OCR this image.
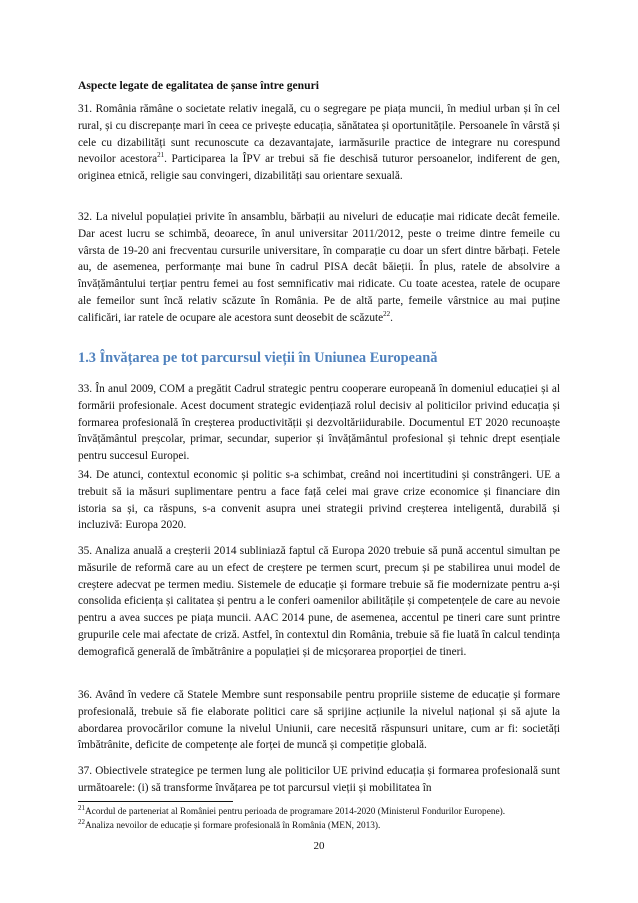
Aspecte legate de egalitatea de șanse între genuri

31. România rămâne o societate relativ inegală, cu o segregare pe piața muncii, în mediul urban și în cel rural, și cu discrepanțe mari în ceea ce privește educația, sănătatea și oportunitățile. Persoanele în vârstă și cele cu dizabilități sunt recunoscute ca dezavantajate, iarmăsurile practice de integrare nu corespund nevoilor acestora$^{21}$. Participarea la ÎPV ar trebui să fie deschisă tuturor persoanelor, indiferent de gen, originea etnică, religie sau convingeri, dizabilități sau orientare sexuală.

32. La nivelul populației privite în ansamblu, bărbații au niveluri de educație mai ridicate decât femeile. Dar acest lucru se schimbă, deoarece, în anul universitar 2011/2012, peste o treime dintre femeile cu vârsta de 19-20 ani frecventau cursurile universitare, în comparație cu doar un sfert dintre bărbați. Fetele au, de asemenea, performanțe mai bune în cadrul PISA decât băieții. În plus, ratele de absolvire a învățământului terțiar pentru femei au fost semnificativ mai ridicate. Cu toate acestea, ratele de ocupare ale femeilor sunt încă relativ scăzute în România. Pe de altă parte, femeile vârstnice au mai puține calificări, iar ratele de ocupare ale acestora sunt deosebit de scăzute$^{22}$.

1.3 Învățarea pe tot parcursul vieții în Uniunea Europeană

33. În anul 2009, COM a pregătit Cadrul strategic pentru cooperare europeană în domeniul educației și al formării profesionale. Acest document strategic evidențiază rolul decisiv al politicilor privind educația și formarea profesională în creșterea productivității și dezvoltăriidurabile. Documentul ET 2020 recunoaște învățământul preșcolar, primar, secundar, superior și învățământul profesional și tehnic drept esențiale pentru succesul Europei.

34. De atunci, contextul economic și politic s-a schimbat, creând noi incertitudini și constrângeri. UE a trebuit să ia măsuri suplimentare pentru a face față celei mai grave crize economice și financiare din istoria sa și, ca răspuns, s-a convenit asupra unei strategii privind creșterea inteligentă, durabilă și incluzivă: Europa 2020.

35. Analiza anuală a creșterii 2014 subliniază faptul că Europa 2020 trebuie să pună accentul simultan pe măsurile de reformă care au un efect de creștere pe termen scurt, precum și pe stabilirea unui model de creștere adecvat pe termen mediu. Sistemele de educație și formare trebuie să fie modernizate pentru a-și consolida eficiența și calitatea și pentru a le conferi oamenilor abilitățile și competențele de care au nevoie pentru a avea succes pe piața muncii. AAC 2014 pune, de asemenea, accentul pe tineri care sunt printre grupurile cele mai afectate de criză. Astfel, în contextul din România, trebuie să fie luată în calcul tendința demografică generală de îmbătrânire a populației și de micșorarea proporției de tineri.

36. Având în vedere că Statele Membre sunt responsabile pentru propriile sisteme de educație și formare profesională, trebuie să fie elaborate politici care să sprijine acțiunile la nivelul național și să ajute la abordarea provocărilor comune la nivelul Uniunii, care necesită răspunsuri unitare, cum ar fi: societăți îmbătrânite, deficite de competențe ale forței de muncă și competiție globală.

37. Obiectivele strategice pe termen lung ale politicilor UE privind educația și formarea profesională sunt următoarele: (i) să transforme învățarea pe tot parcursul vieții și mobilitatea în

$^{21}$Acordul de parteneriat al României pentru perioada de programare 2014-2020 (Ministerul Fondurilor Europene).

$^{22}$Analiza nevoilor de educație și formare profesională în România (MEN, 2013).

20
